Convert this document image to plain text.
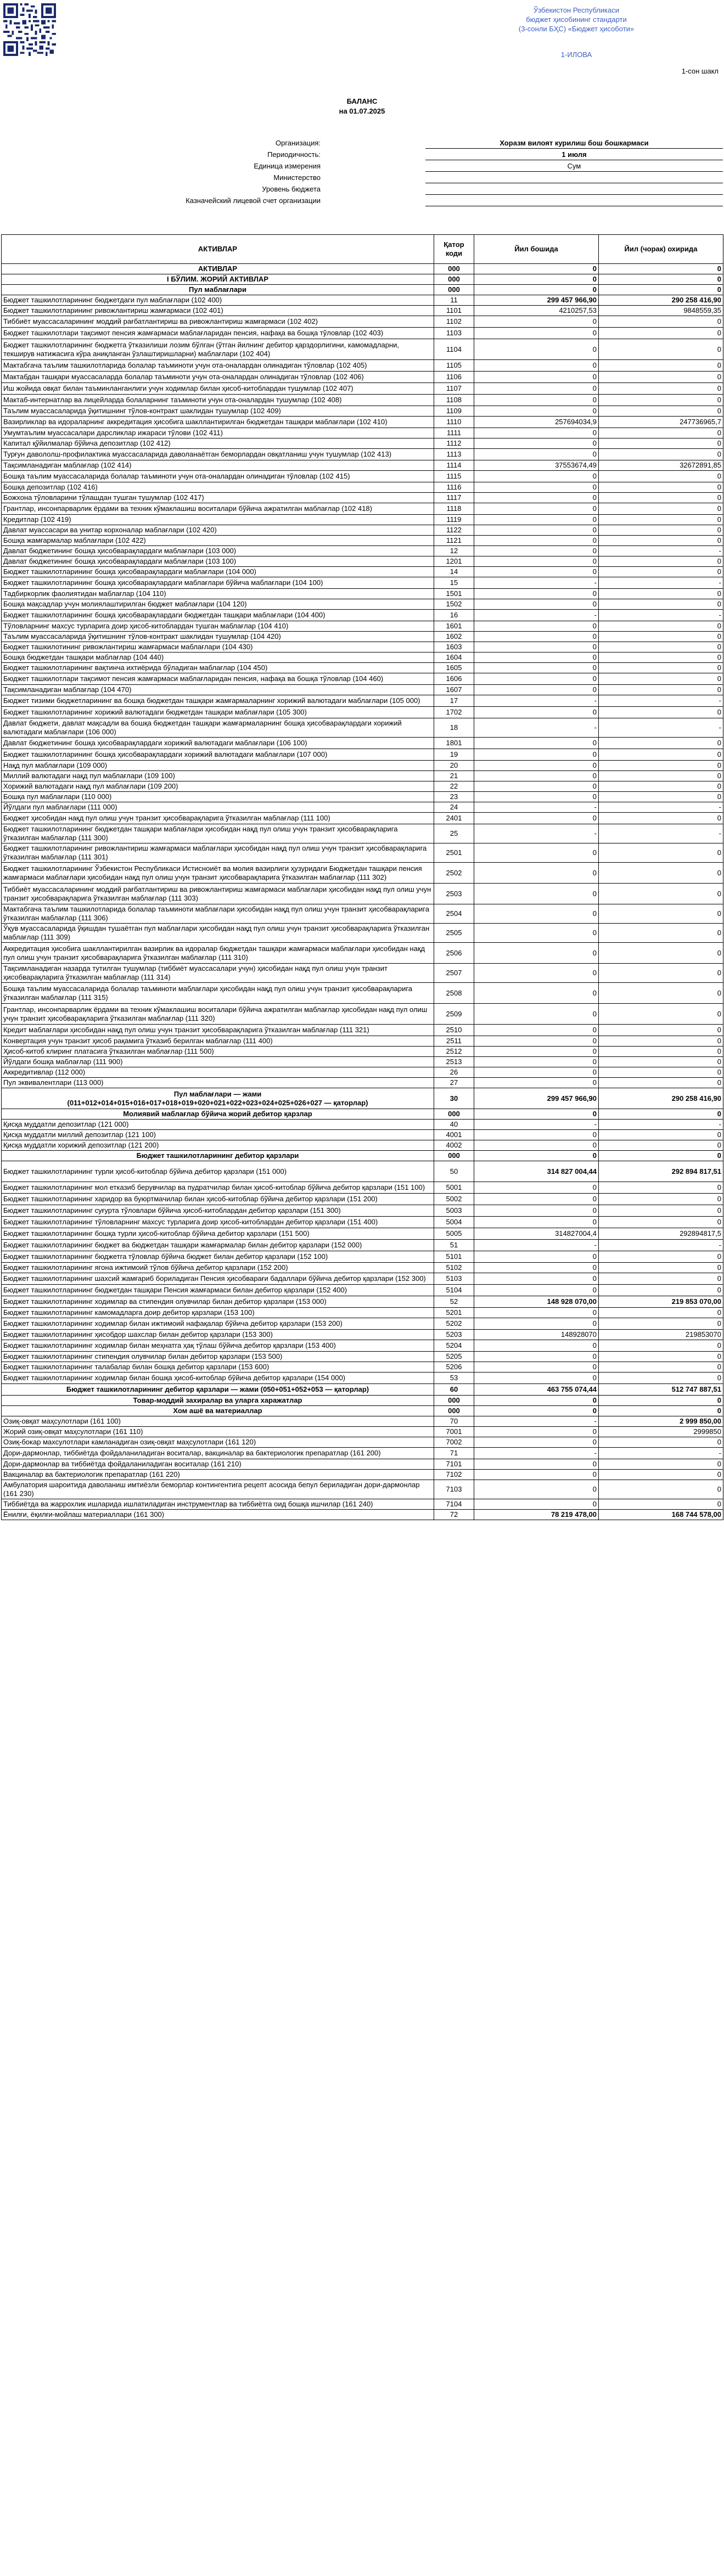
Ўзбекистон Республикаси
бюджет ҳисобининг стандарти
(3-сонли БҲС) «Бюджет ҳисоботи»
1-ИЛОВА
1-сон шакл
БАЛАНС
на 01.07.2025
Организация:	Хоразм вилоят курилиш бош бошкармаси
Периодичность:	1 июля
Единица измерения	Сум
Министерство
Уровень бюджета
Казначейский лицевой счет организации
АКТИВЛАР	Қатор коди	Йил бошида	Йил (чорак) охирида
АКТИВЛАР	000	0	0
I БЎЛИМ. ЖОРИЙ АКТИВЛАР	000	0	0
Пул маблағлари	000	0	0
Бюджет ташкилотларининг бюджетдаги пул маблағлари (102 400)	11	299 457 966,90	290 258 416,90
Бюджет ташкилотларининг ривожлантириш жамғармаси (102 401)	1101	4210257,53	9848559,35
Тиббиёт муассасаларининг моддий рағбатлантириш ва ривожлантириш жамғармаси (102 402)	1102	0	0
Бюджет ташкилотлари тақсимот пенсия жамғармаси маблағларидан пенсия, нафақа ва бошқа тўловлар (102 403)	1103	0	0
Бюджет ташкилотларининг бюджетга ўтказилиши лозим бўлган (ўтган йилнинг дебитор қарздорлигини, камомадларни, текширув натижасига кўра аниқланган ўзлаштиришларни) маблағлари (102 404)	1104	0	0
Мактабгача таълим ташкилотларида болалар таъминоти учун ота-оналардан олинадиган тўловлар (102 405)	1105	0	0
Мактабдан ташқари муассасаларда болалар таъминоти учун ота-оналардан олинадиган тўловлар (102 406)	1106	0	0
Иш жойида овқат билан таъминланганлиги учун ходимлар билан ҳисоб-китоблардан тушумлар (102 407)	1107	0	0
Мактаб-интернатлар ва лицейларда болаларнинг таъминоти учун ота-оналардан тушумлар (102 408)	1108	0	0
Таълим муассасаларида ўқитишнинг тўлов-контракт шаклидан тушумлар (102 409)	1109	0	0
Вазирликлар ва идораларнинг аккредитация ҳисобига шакллантирилган бюджетдан ташқари маблағлари (102 410)	1110	257694034,9	247736965,7
Умумтаълим муассасалари дарсликлар ижараси тўлови (102 411)	1111	0	0
Капитал қўйилмалар бўйича депозитлар (102 412)	1112	0	0
Турғун давололш-профилактика муассасаларида даволанаётган беморлардан овқатланиш учун тушумлар (102 413)	1113	0	0
Тақсимланадиган маблағлар (102 414)	1114	37553674,49	32672891,85
Бошқа таълим муассасаларида болалар таъминоти учун ота-оналардан олинадиган тўловлар (102 415)	1115	0	0
Бошқа депозитлар (102 416)	1116	0	0
Божхона тўловларини тўлашдан тушган тушумлар (102 417)	1117	0	0
Грантлар, инсонпарварлик ёрдами ва техник кўмаклашиш воситалари бўйича ажратилган маблағлар (102 418)	1118	0	0
Кредитлар (102 419)	1119	0	0
Давлат муассасари ва унитар корхоналар маблағлари (102 420)	1122	0	0
Бошқа жамғармалар маблағлари (102 422)	1121	0	0
Давлат бюджетининг бошқа ҳисобварақлардаги маблағлари (103 000)	12	0	-
Давлат бюджетининг бошқа ҳисобварақлардаги маблағлари (103 100)	1201	0	0
Бюджет ташкилотларининг бошқа ҳисобварақлардаги маблағлари (104 000)	14	0	0
Бюджет ташкилотларининг бошқа ҳисобварақлардаги маблағлари бўйича маблағлари (104 100)	15	-	-
Тадбиркорлик фаолиятидан маблағлар (104 110)	1501	0	0
Бошқа мақсадлар учун молиялаштирилган бюджет маблағлари (104 120)	1502	0	0
Бюджет ташкилотларининг бошқа ҳисобварақлардаги бюджетдан ташқари маблағлари (104 400)	16	-	-
Тўловларнинг махсус турларига доир ҳисоб-китоблардан тушган маблағлар (104 410)	1601	0	0
Таълим муассасаларида ўқитишнинг тўлов-контракт шаклидан тушумлар (104 420)	1602	0	0
Бюджет ташкилотининг ривожлантириш жамғармаси маблағлари (104 430)	1603	0	0
Бошқа бюджетдан ташқари маблағлар (104 440)	1604	0	0
Бюджет ташкилотларининг вақтинча ихтиёрида бўладиган маблағлар (104 450)	1605	0	0
Бюджет ташкилотлари тақсимот пенсия жамғармаси маблағларидан пенсия, нафақа ва бошқа тўловлар (104 460)	1606	0	0
Тақсимланадиган маблағлар (104 470)	1607	0	0
Бюджет тизими бюджетларининг ва бошқа бюджетдан ташқари жамғармаларнинг хорижий валютадаги маблағлари (105 000)	17	-	-
Бюджет ташкилотларининг хорижий валютадаги бюджетдан ташқари маблағлари (105 300)	1702	0	0
Давлат бюджети, давлат мақсадли ва бошқа бюджетдан ташқари жамғармаларнинг бошқа ҳисобварақлардаги хорижий валютадаги маблағлари (106 000)	18	-	-
Давлат бюджетининг бошқа ҳисобварақлардаги хорижий валютадаги маблағлари (106 100)	1801	0	0
Бюджет ташкилотларининг бошқа ҳисобварақлардаги хорижий валютадаги маблағлари (107 000)	19	0	0
Нақд пул маблағлари (109 000)	20	0	0
Миллий валютадаги нақд пул маблағлари (109 100)	21	0	0
Хорижий валютадаги нақд пул маблағлари (109 200)	22	0	0
Бошқа пул маблағлари (110 000)	23	0	0
Йўлдаги пул маблағлари (111 000)	24	-	-
Бюджет ҳисобидан нақд пул олиш учун транзит ҳисобварақларига ўтказилган маблағлар (111 100)	2401	0	0
Бюджет ташкилотларининг бюджетдан ташқари маблағлари ҳисобидан нақд пул олиш учун транзит ҳисобварақларига ўтказилган маблағлар (111 300)	25	-	-
Бюджет ташкилотларининг ривожлантириш жамғармаси маблағлари ҳисобидан нақд пул олиш учун транзит ҳисобварақларига ўтказилган маблағлар (111 301)	2501	0	0
Бюджет ташкилотларининг Ўзбекистон Республикаси Истисноиёт ва молия вазирлиги ҳузуридаги Бюджетдан ташқари пенсия жамғармаси маблағлари ҳисобидан нақд пул олиш учун транзит ҳисобварақларига ўтказилган маблағлар (111 302)	2502	0	0
Тиббиёт муассасаларининг моддий рағбатлантириш ва ривожлантириш жамғармаси маблағлари ҳисобидан нақд пул олиш учун транзит ҳисобварақларига ўтказилган маблағлар (111 303)	2503	0	0
Мактабгача таълим ташкилотларида болалар таъминоти маблағлари ҳисобидан нақд пул олиш учун транзит ҳисобварақларига ўтказилган маблағлар (111 306)	2504	0	0
Ўқув муассасаларида ўқишдан тушаётган пул маблағлари ҳисобидан нақд пул олиш учун транзит ҳисобварақларига ўтказилган маблағлар (111 309)	2505	0	0
Аккредитация ҳисобига шакллантирилган вазирлик ва идоралар бюджетдан ташқари жамғармаси маблағлари ҳисобидан нақд пул олиш учун транзит ҳисобварақларига ўтказилган маблағлар (111 310)	2506	0	0
Тақсимланадиган назарда тутилган тушумлар (тиббиёт муассасалари учун) ҳисобидан нақд пул олиш учун транзит ҳисобварақларига ўтказилган маблағлар (111 314)	2507	0	0
Бошқа таълим муассасаларида болалар таъминоти маблағлари ҳисобидан нақд пул олиш учун транзит ҳисобварақларига ўтказилган маблағлар (111 315)	2508	0	0
Грантлар, инсонпарварлик ёрдами ва техник кўмаклашиш воситалари бўйича ажратилган маблағлар ҳисобидан нақд пул олиш учун транзит ҳисобварақларига ўтказилган маблағлар (111 320)	2509	0	0
Кредит маблағлари ҳисобидан нақд пул олиш учун транзит ҳисобварақларига ўтказилган маблағлар (111 321)	2510	0	0
Конвертация учун транзит ҳисоб рақамига ўтказиб берилган маблағлар (111 400)	2511	0	0
Ҳисоб-китоб клиринг платасига ўтказилган маблағлар (111 500)	2512	0	0
Йўлдаги бошқа маблағлар (111 900)	2513	0	0
Аккредитивлар (112 000)	26	0	0
Пул эквивалентлари (113 000)	27	0	0
Пул маблағлари — жами
(011+012+014+015+016+017+018+019+020+021+022+023+024+025+026+027 — қаторлар)	30	299 457 966,90	290 258 416,90
Молиявий маблағлар бўйича жорий дебитор қарзлар	000	0	0
Қисқа муддатли депозитлар (121 000)	40	-	-
Қисқа муддатли миллий депозитлар (121 100)	4001	0	0
Қисқа муддатли хорижий депозитлар (121 200)	4002	0	0
Бюджет ташкилотларининг дебитор қарзлари	000	0	0
Бюджет ташкилотларининг турли ҳисоб-китоблар бўйича дебитор қарзлари (151 000)	50	314 827 004,44	292 894 817,51
Бюджет ташкилотларининг мол етказиб берувчилар ва пудратчилар билан ҳисоб-китоблар бўйича дебитор қарзлари (151 100)	5001	0	0
Бюджет ташкилотларининг харидор ва буюртмачилар билан ҳисоб-китоблар бўйича дебитор қарзлари (151 200)	5002	0	0
Бюджет ташкилотларининг суғурта тўловлари бўйича ҳисоб-китоблардан дебитор қарзлари (151 300)	5003	0	0
Бюджет ташкилотларининг тўловларнинг махсус турларига доир ҳисоб-китоблардан дебитор қарзлари (151 400)	5004	0	0
Бюджет ташкилотларининг бошқа турли ҳисоб-китоблар бўйича дебитор қарзлари (151 500)	5005	314827004,4	292894817,5
Бюджет ташкилотларининг бюджет ва бюджетдан ташқари жамғармалар билан дебитор қарзлари (152 000)	51	-	-
Бюджет ташкилотларининг бюджетга тўловлар бўйича бюджет билан дебитор қарзлари (152 100)	5101	0	0
Бюджет ташкилотларининг ягона ижтимоий тўлов бўйича дебитор қарзлари (152 200)	5102	0	0
Бюджет ташкилотларининг шахсий жамғариб бориладиган Пенсия ҳисобварағи бадаллари бўйича дебитор қарзлари (152 300)	5103	0	0
Бюджет ташкилотларининг бюджетдан ташқари Пенсия жамғармаси билан дебитор қарзлари (152 400)	5104	0	0
Бюджет ташкилотларининг ходимлар ва стипендия олувчилар билан дебитор қарзлари (153 000)	52	148 928 070,00	219 853 070,00
Бюджет ташкилотларининг камомадларга доир дебитор қарзлари (153 100)	5201	0	0
Бюджет ташкилотларининг ходимлар билан ижтимоий нафақалар бўйича дебитор қарзлари (153 200)	5202	0	0
Бюджет ташкилотларининг ҳисобдор шахслар билан дебитор қарзлари (153 300)	5203	148928070	219853070
Бюджет ташкилотларининг ходимлар билан меҳнатга ҳақ тўлаш бўйича дебитор қарзлари (153 400)	5204	0	0
Бюджет ташкилотларининг стипендия олувчилар билан дебитор қарзлари (153 500)	5205	0	0
Бюджет ташкилотларининг талабалар билан бошқа дебитор қарзлари (153 600)	5206	0	0
Бюджет ташкилотларининг ходимлар билан бошқа ҳисоб-китоблар бўйича дебитор қарзлари (154 000)	53	0	0
Бюджет ташкилотларининг дебитор қарзлари — жами (050+051+052+053 — қаторлар)	60	463 755 074,44	512 747 887,51
Товар-моддий захиралар ва уларга харажатлар	000	0	0
Хом ашё ва материаллар	000	0	0
Озиқ-овқат маҳсулотлари (161 100)	70	-	2 999 850,00
Жорий озиқ-овқат маҳсулотлари (161 110)	7001	0	2999850
Озиқ-бокар махсулотлари камланадиган озиқ-овқат маҳсулотлари (161 120)	7002	0	0
Дори-дармонлар, тиббиётда фойдаланиладиган воситалар, вакциналар ва бактериологик препаратлар (161 200)	71	-	-
Дори-дармонлар ва тиббиётда фойдаланиладиган воситалар (161 210)	7101	0	0
Вакциналар ва бактериологик препаратлар (161 220)	7102	0	0
Амбулатория шароитида даволаниш имтиёзли беморлар контингентига рецепт асосида бепул бериладиган дори-дармонлар (161 230)	7103	0	0
Тиббиётда ва жаррохлик ишларида ишлатиладиган инструментлар ва тиббиётга оид бошқа ишчилар (161 240)	7104	0	0
Ёнилғи, ёқилғи-мойлаш материаллари (161 300)	72	78 219 478,00	168 744 578,00
